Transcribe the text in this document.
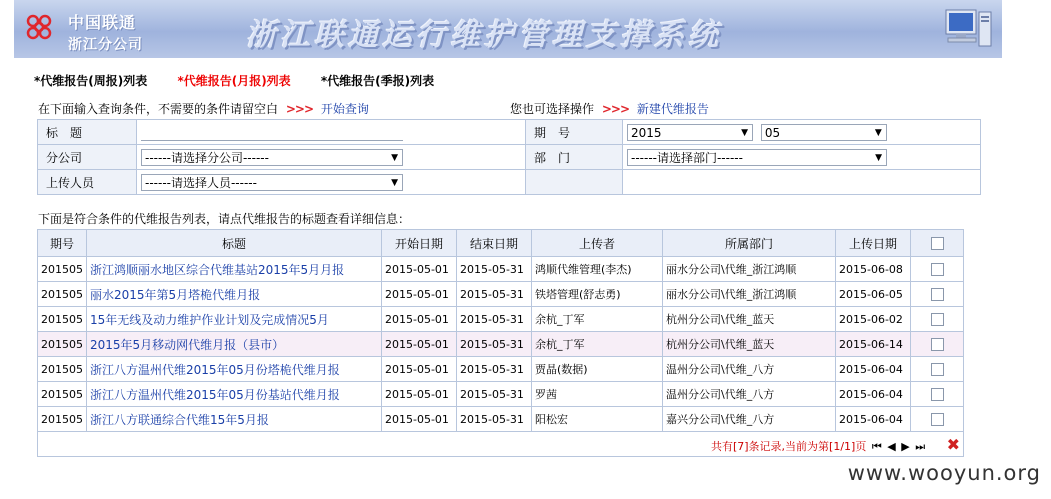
中国联通
浙江分公司	浙江联通运行维护管理支撑系统
*代维报告(周报)列表	*代维报告(月报)列表	*代维报告(季报)列表
在下面输入查询条件，不需要的条件请留空白 >>> 开始查询	您也可选择操作 >>> 新建代维报告
标　题		期　号	2015 ▼ 05 ▼

分公司	------请选择分公司------ ▼	部　门	------请选择部门------ ▼

上传人员	------请选择人员------ ▼		

下面是符合条件的代维报告列表，请点代维报告的标题查看详细信息：
期号	标题	开始日期	结束日期	上传者	所属部门	上传日期	
201505	浙江鸿顺丽水地区综合代维基站2015年5月月报	2015-05-01	2015-05-31	鸿顺代维管理(李杰)	丽水分公司\代维_浙江鸿顺	2015-06-08	
201505	丽水2015年第5月塔桅代维月报	2015-05-01	2015-05-31	铁塔管理(舒志勇)	丽水分公司\代维_浙江鸿顺	2015-06-05	
201505	15年无线及动力维护作业计划及完成情况5月	2015-05-01	2015-05-31	余杭_丁军	杭州分公司\代维_蓝天	2015-06-02	
201505	2015年5月移动网代维月报（县市）	2015-05-01	2015-05-31	余杭_丁军	杭州分公司\代维_蓝天	2015-06-14	
201505	浙江八方温州代维2015年05月份塔桅代维月报	2015-05-01	2015-05-31	贾晶(数据)	温州分公司\代维_八方	2015-06-04	
201505	浙江八方温州代维2015年05月份基站代维月报	2015-05-01	2015-05-31	罗茜	温州分公司\代维_八方	2015-06-04	
201505	浙江八方联通综合代维15年5月报	2015-05-01	2015-05-31	阳松宏	嘉兴分公司\代维_八方	2015-06-04	
共有[7]条记录,当前为第[1/1]页 ⏮ ◀ ▶ ⏭ ✖							
www.wooyun.org
